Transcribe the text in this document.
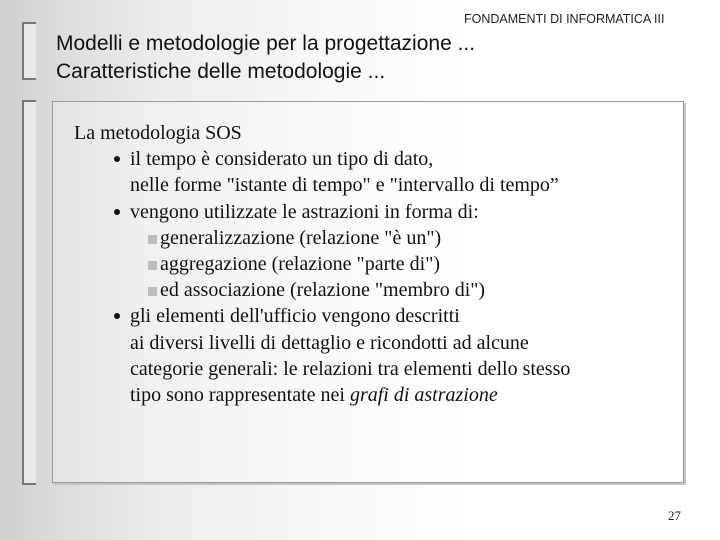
FONDAMENTI DI INFORMATICA III
Modelli e metodologie per la progettazione ...
Caratteristiche delle metodologie ...
La metodologia SOS
il tempo è considerato un tipo di dato,
nelle forme "istante di tempo" e "intervallo di tempo”
vengono utilizzate le astrazioni in forma di:
generalizzazione (relazione "è un")
aggregazione (relazione "parte di")
ed associazione (relazione "membro di")
gli elementi dell'ufficio vengono descritti
ai diversi livelli di dettaglio e ricondotti ad alcune
categorie generali: le relazioni tra elementi dello stesso
tipo sono rappresentate nei grafi di astrazione
27
